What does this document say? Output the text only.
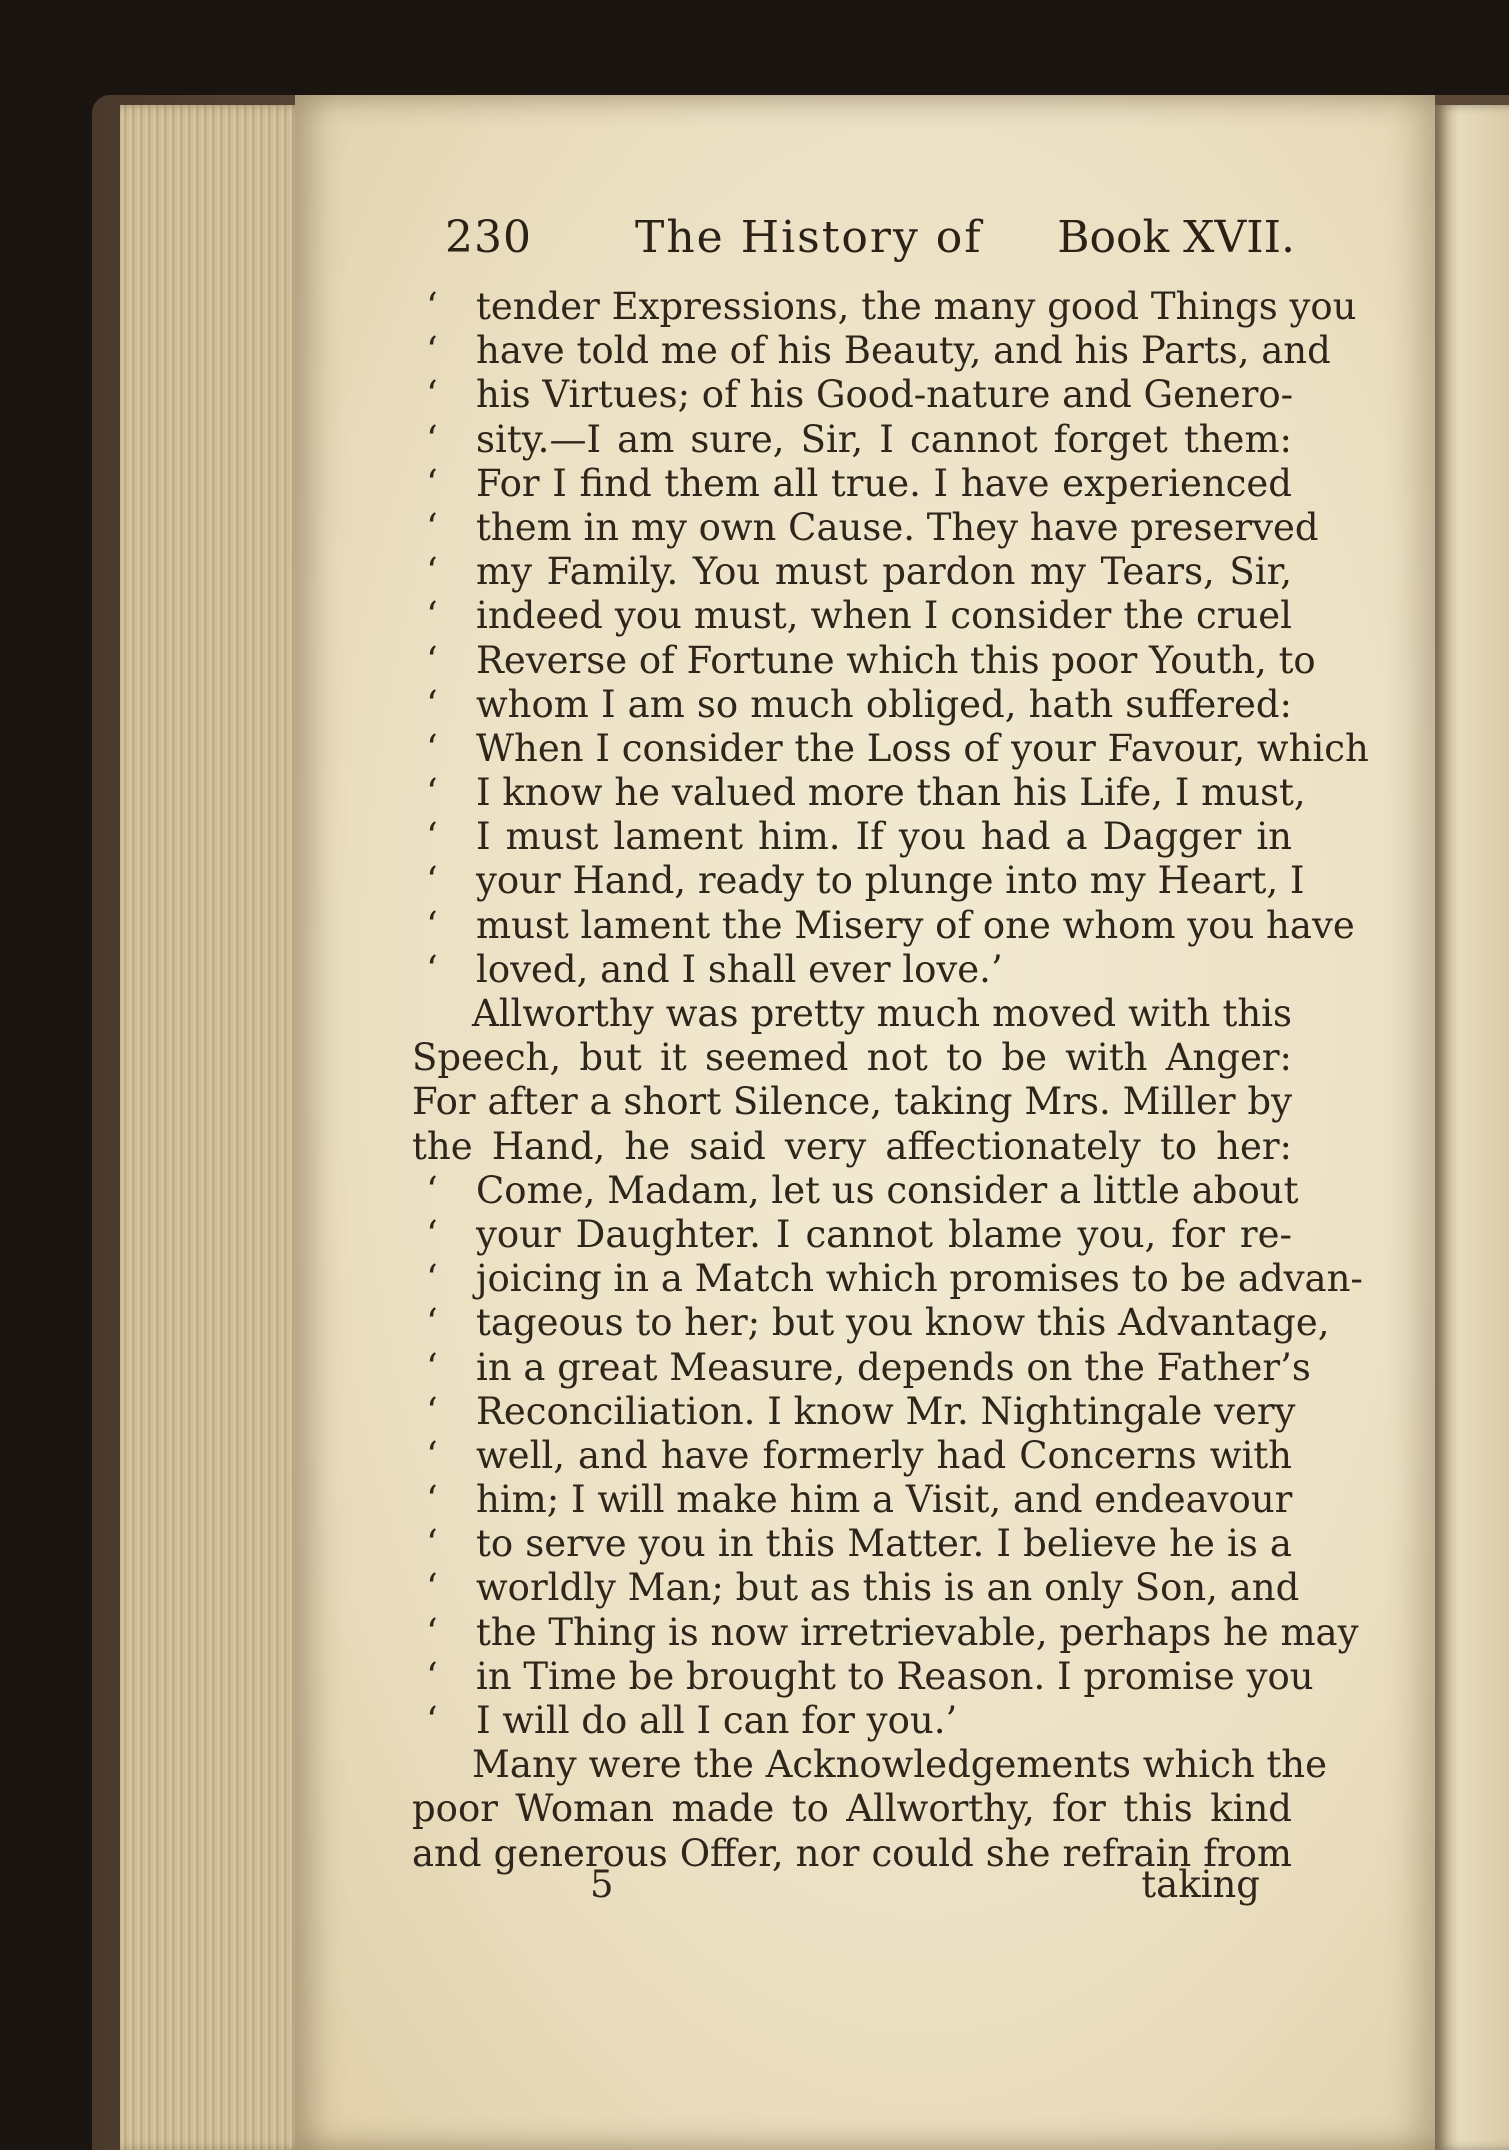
230 The History of Book XVII.
‘ tender Expressions, the many good Things you
‘ have told me of his Beauty, and his Parts, and
‘ his Virtues; of his Good-nature and Genero-
‘ sity.—I am sure, Sir, I cannot forget them:
‘ For I find them all true. I have experienced
‘ them in my own Cause. They have preserved
‘ my Family. You must pardon my Tears, Sir,
‘ indeed you must, when I consider the cruel
‘ Reverse of Fortune which this poor Youth, to
‘ whom I am so much obliged, hath suffered:
‘ When I consider the Loss of your Favour, which
‘ I know he valued more than his Life, I must,
‘ I must lament him. If you had a Dagger in
‘ your Hand, ready to plunge into my Heart, I
‘ must lament the Misery of one whom you have
‘ loved, and I shall ever love.’
Allworthy was pretty much moved with this
Speech, but it seemed not to be with Anger:
For after a short Silence, taking Mrs. Miller by
the Hand, he said very affectionately to her:
‘ Come, Madam, let us consider a little about
‘ your Daughter. I cannot blame you, for re-
‘ joicing in a Match which promises to be advan-
‘ tageous to her; but you know this Advantage,
‘ in a great Measure, depends on the Father’s
‘ Reconciliation. I know Mr. Nightingale very
‘ well, and have formerly had Concerns with
‘ him; I will make him a Visit, and endeavour
‘ to serve you in this Matter. I believe he is a
‘ worldly Man; but as this is an only Son, and
‘ the Thing is now irretrievable, perhaps he may
‘ in Time be brought to Reason. I promise you
‘ I will do all I can for you.’
Many were the Acknowledgements which the
poor Woman made to Allworthy, for this kind
and generous Offer, nor could she refrain from
5	taking
